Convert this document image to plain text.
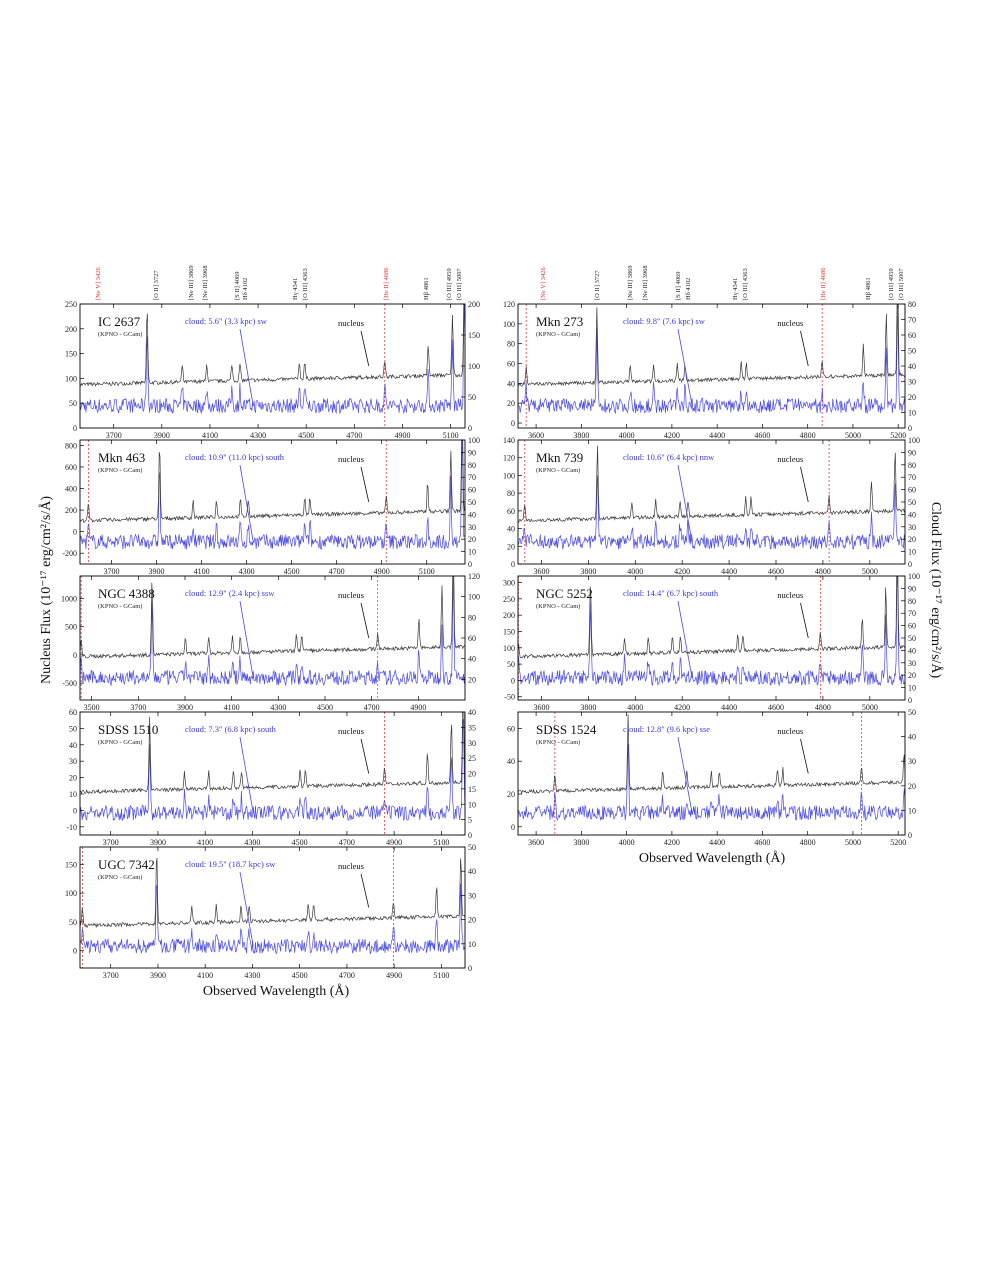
3700	3900	4100	4300	4500	4700	4900	5100
0
50
100
150
200
250
0
50
100
150
200
IC 2637
(KPNO - GCam)
cloud: 5.6" (3.3 kpc) sw	nucleus
3700	3900	4100	4300	4500	4700	4900	5100
-200
0
200
400
600
800
0
10
20
30
40
50
60
70
80
90
100
Mkn 463
(KPNO - GCam)
cloud: 10.9" (11.0 kpc) south	nucleus
3500	3700	3900	4100	4300	4500	4700	4900
-500
0
500
1000
20
40
60
80
100
120
NGC 4388
(KPNO - GCam)
cloud: 12.9" (2.4 kpc) ssw	nucleus
3700	3900	4100	4300	4500	4700	4900	5100
-10
0
10
20
30
40
50
60
0
5
10
15
20
25
30
35
40
SDSS 1510
(KPNO - GCam)
cloud: 7.3" (6.8 kpc) south	nucleus
3700	3900	4100	4300	4500	4700	4900	5100
0
50
100
150
0
10
20
30
40
50
UGC 7342
(KPNO - GCam)
cloud: 19.5" (18.7 kpc) sw	nucleus
3600	3800	4000	4200	4400	4600	4800	5000	5200
0
20
40
60
80
100
120
0
10
20
30
40
50
60
70
80
Mkn 273
(KPNO - GCam)
cloud: 9.8" (7.6 kpc) sw	nucleus
3600	3800	4000	4200	4400	4600	4800	5000
0
20
40
60
80
100
120
140
0
10
20
30
40
50
60
70
80
90
100
Mkn 739
(KPNO - GCam)
cloud: 10.6" (6.4 kpc) nnw	nucleus
3600	3800	4000	4200	4400	4600	4800	5000
-50
0
50
100
150
200
250
300
0
10
20
30
40
50
60
70
80
90
100
NGC 5252
(KPNO - GCam)
cloud: 14.4" (6.7 kpc) south	nucleus
3600	3800	4000	4200	4400	4600	4800	5000	5200
0
20
40
60
0
10
20
30
40
50
SDSS 1524
(KPNO - GCam)
cloud: 12.8" (9.6 kpc) sse	nucleus
[Ne V] 3426	[O II] 3727	[Ne III] 3869 [Ne III] 3968	[S II] 4069 Hδ 4102	Hγ 4341 [O III] 4363	[He II] 4686	Hβ 4861 [O III] 4959 [O III] 5007	[Ne V] 3426	[O II] 3727	[Ne III] 3869 [Ne III] 3968	[S II] 4069 Hδ 4102	Hγ 4341 [O III] 4363	[He II] 4686	Hβ 4861 [O III] 4959 [O III] 5007
Nucleus Flux (10⁻¹⁷ erg/cm²/s/Å)	Cloud Flux (10⁻¹⁷ erg/cm²/s/Å)
Observed Wavelength (Å)
Observed Wavelength (Å)
